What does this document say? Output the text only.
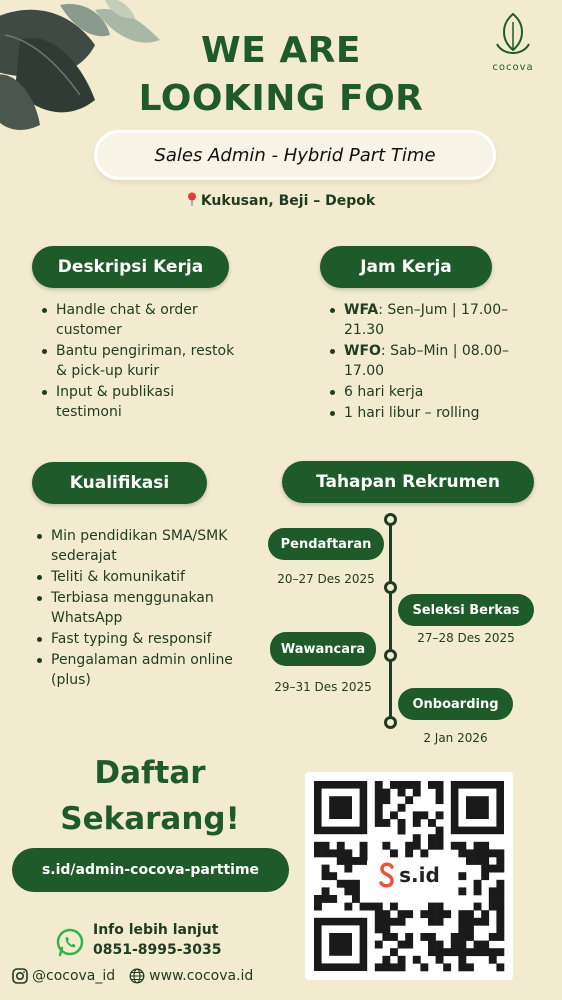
cocova
WE ARE
LOOKING FOR
Sales Admin - Hybrid Part Time
Kukusan, Beji – Depok
Deskripsi Kerja
Handle chat & order customer
Bantu pengiriman, restok & pick-up kurir
Input & publikasi testimoni
Jam Kerja
WFA: Sen–Jum | 17.00–21.30
WFO: Sab–Min | 08.00–17.00
6 hari kerja
1 hari libur – rolling
Kualifikasi
Min pendidikan SMA/SMK sederajat
Teliti & komunikatif
Terbiasa menggunakan WhatsApp
Fast typing & responsif
Pengalaman admin online (plus)
Tahapan Rekrumen
Pendaftaran
20–27 Des 2025
Seleksi Berkas
27–28 Des 2025
Wawancara
29–31 Des 2025
Onboarding
2 Jan 2026
Daftar
Sekarang!
s.id/admin-cocova-parttime
Info lebih lanjut
0851-8995-3035
@cocova_id www.cocova.id
s.id
